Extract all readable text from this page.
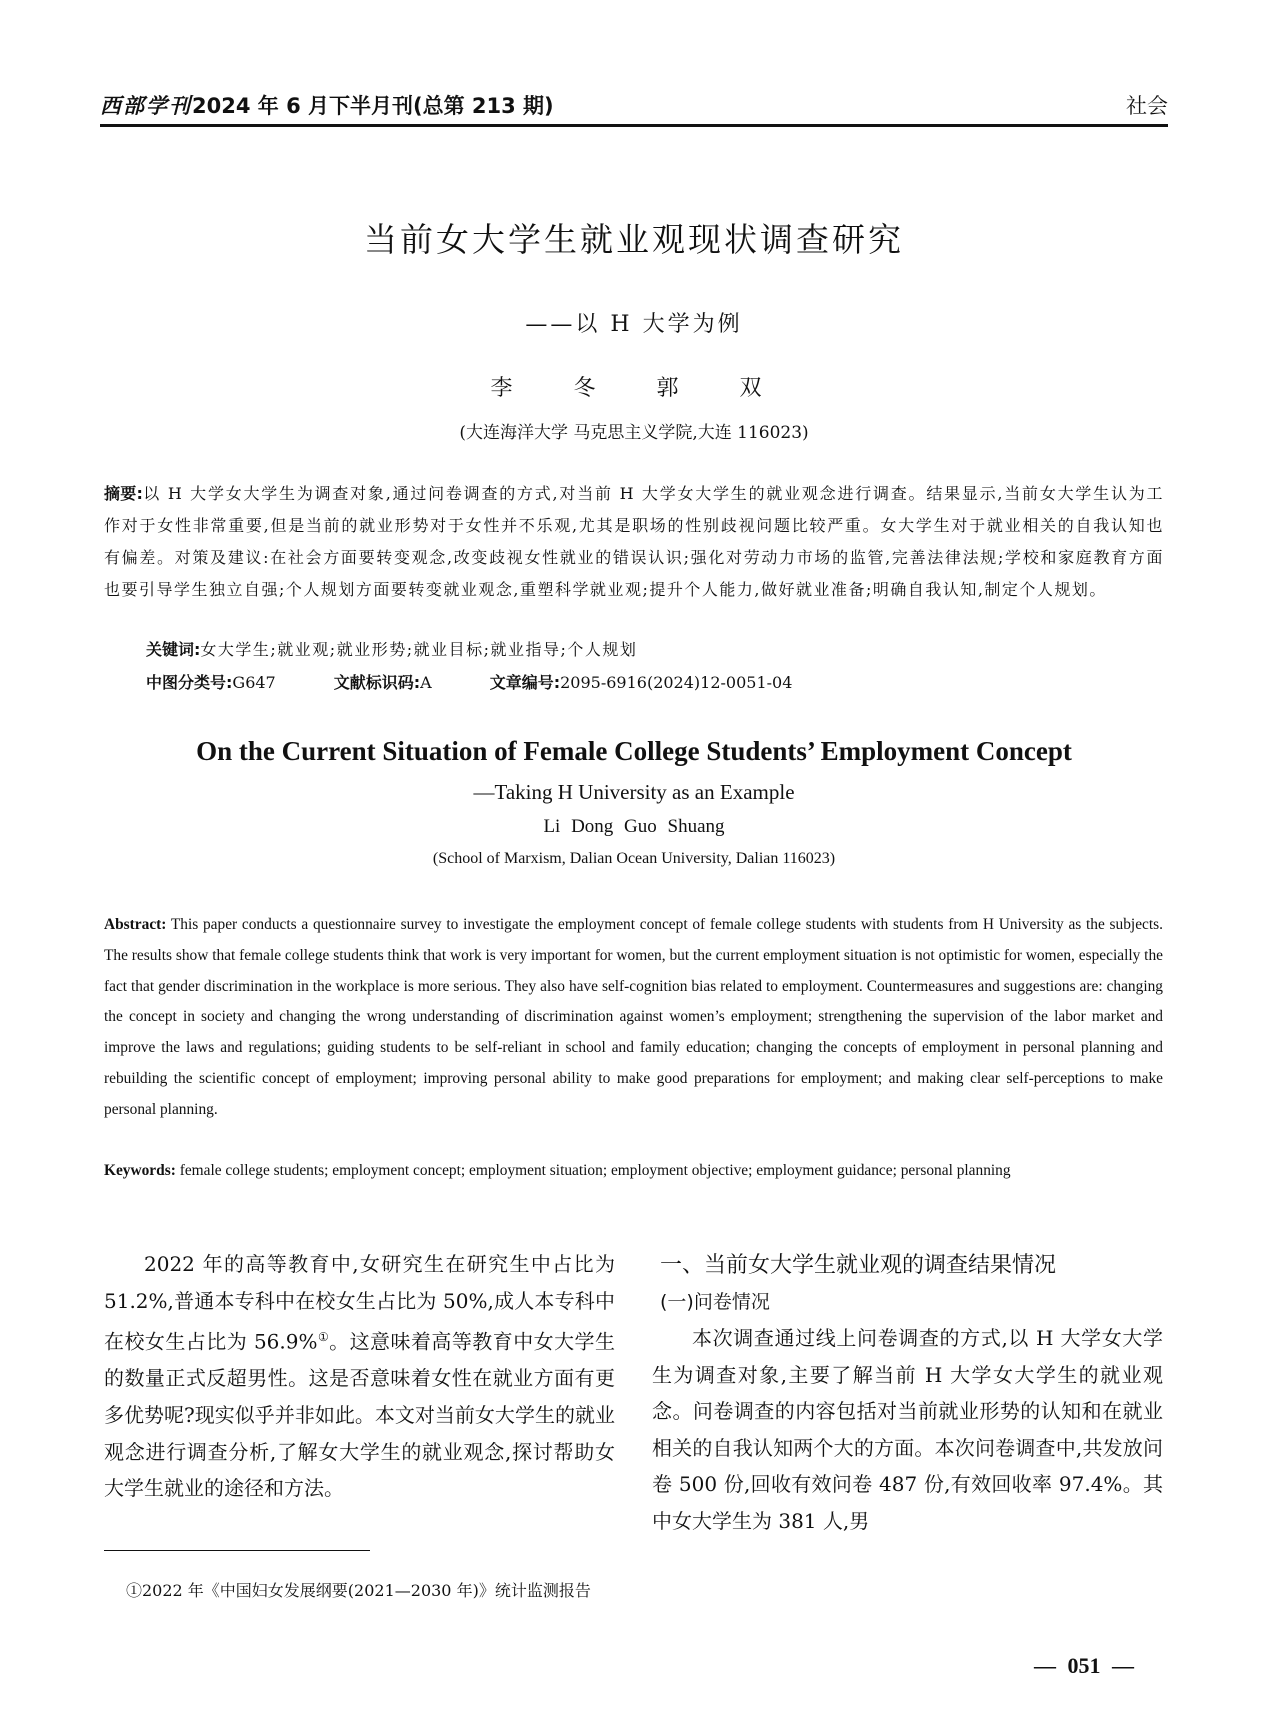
西部学刊2024 年 6 月下半月刊(总第 213 期)	社会
当前女大学生就业观现状调查研究
——以 H 大学为例
李 冬 郭 双
(大连海洋大学 马克思主义学院,大连 116023)
摘要:以 H 大学女大学生为调查对象,通过问卷调查的方式,对当前 H 大学女大学生的就业观念进行调查。结果显示,当前女大学生认为工作对于女性非常重要,但是当前的就业形势对于女性并不乐观,尤其是职场的性别歧视问题比较严重。女大学生对于就业相关的自我认知也有偏差。对策及建议:在社会方面要转变观念,改变歧视女性就业的错误认识;强化对劳动力市场的监管,完善法律法规;学校和家庭教育方面也要引导学生独立自强;个人规划方面要转变就业观念,重塑科学就业观;提升个人能力,做好就业准备;明确自我认知,制定个人规划。
关键词:女大学生;就业观;就业形势;就业目标;就业指导;个人规划
中图分类号:G647	文献标识码:A	文章编号:2095-6916(2024)12-0051-04
On the Current Situation of Female College Students’ Employment Concept
—Taking H University as an Example
Li Dong Guo Shuang
(School of Marxism, Dalian Ocean University, Dalian 116023)
Abstract: This paper conducts a questionnaire survey to investigate the employment concept of female college students with students from H University as the subjects. The results show that female college students think that work is very important for women, but the current employment situation is not optimistic for women, especially the fact that gender discrimination in the workplace is more serious. They also have self-cognition bias related to employment. Countermeasures and suggestions are: changing the concept in society and changing the wrong understanding of discrimination against women’s employment; strengthening the supervision of the labor market and improve the laws and regulations; guiding students to be self-reliant in school and family education; changing the concepts of employment in personal planning and rebuilding the scientific concept of employment; improving personal ability to make good preparations for employment; and making clear self-perceptions to make personal planning.
Keywords: female college students; employment concept; employment situation; employment objective; employment guidance; personal planning
2022 年的高等教育中,女研究生在研究生中占比为 51.2%,普通本专科中在校女生占比为 50%,成人本专科中在校女生占比为 56.9%①。这意味着高等教育中女大学生的数量正式反超男性。这是否意味着女性在就业方面有更多优势呢?现实似乎并非如此。本文对当前女大学生的就业观念进行调查分析,了解女大学生的就业观念,探讨帮助女大学生就业的途径和方法。
一、当前女大学生就业观的调查结果情况
(一)问卷情况

本次调查通过线上问卷调查的方式,以 H 大学女大学生为调查对象,主要了解当前 H 大学女大学生的就业观念。问卷调查的内容包括对当前就业形势的认知和在就业相关的自我认知两个大的方面。本次问卷调查中,共发放问卷 500 份,回收有效问卷 487 份,有效回收率 97.4%。其中女大学生为 381 人,男

①2022 年《中国妇女发展纲要(2021—2030 年)》统计监测报告
— 051 —
